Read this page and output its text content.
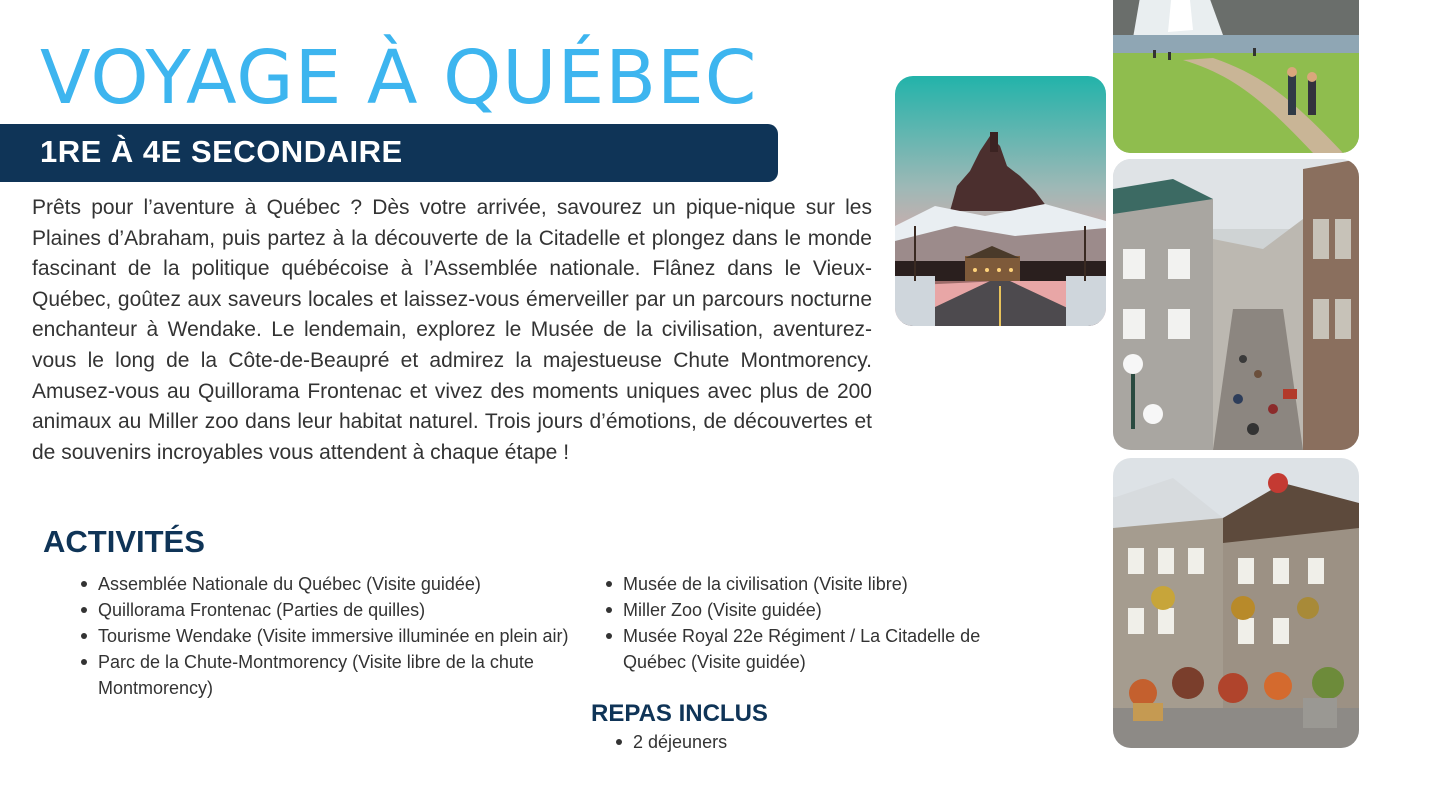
VOYAGE À QUÉBEC
1RE À 4E SECONDAIRE

Prêts pour l’aventure à Québec ? Dès votre arrivée, savourez un pique-nique sur les Plaines d’Abraham, puis partez à la découverte de la Citadelle et plongez dans le monde fascinant de la politique québécoise à l’Assemblée nationale. Flânez dans le Vieux-Québec, goûtez aux saveurs locales et laissez-vous émerveiller par un parcours nocturne enchanteur à Wendake. Le lendemain, explorez le Musée de la civilisation, aventurez-vous le long de la Côte-de-Beaupré et admirez la majestueuse Chute Montmorency. Amusez-vous au Quillorama Frontenac et vivez des moments uniques avec plus de 200 animaux au Miller zoo dans leur habitat naturel. Trois jours d’émotions, de découvertes et de souvenirs incroyables vous attendent à chaque étape !

ACTIVITÉS
Assemblée Nationale du Québec (Visite guidée)
Quillorama Frontenac (Parties de quilles)
Tourisme Wendake (Visite immersive illuminée en plein air)
Parc de la Chute-Montmorency (Visite libre de la chute Montmorency)
Musée de la civilisation (Visite libre)
Miller Zoo (Visite guidée)
Musée Royal 22e Régiment / La Citadelle de Québec (Visite guidée)
REPAS INCLUS
2 déjeuners
